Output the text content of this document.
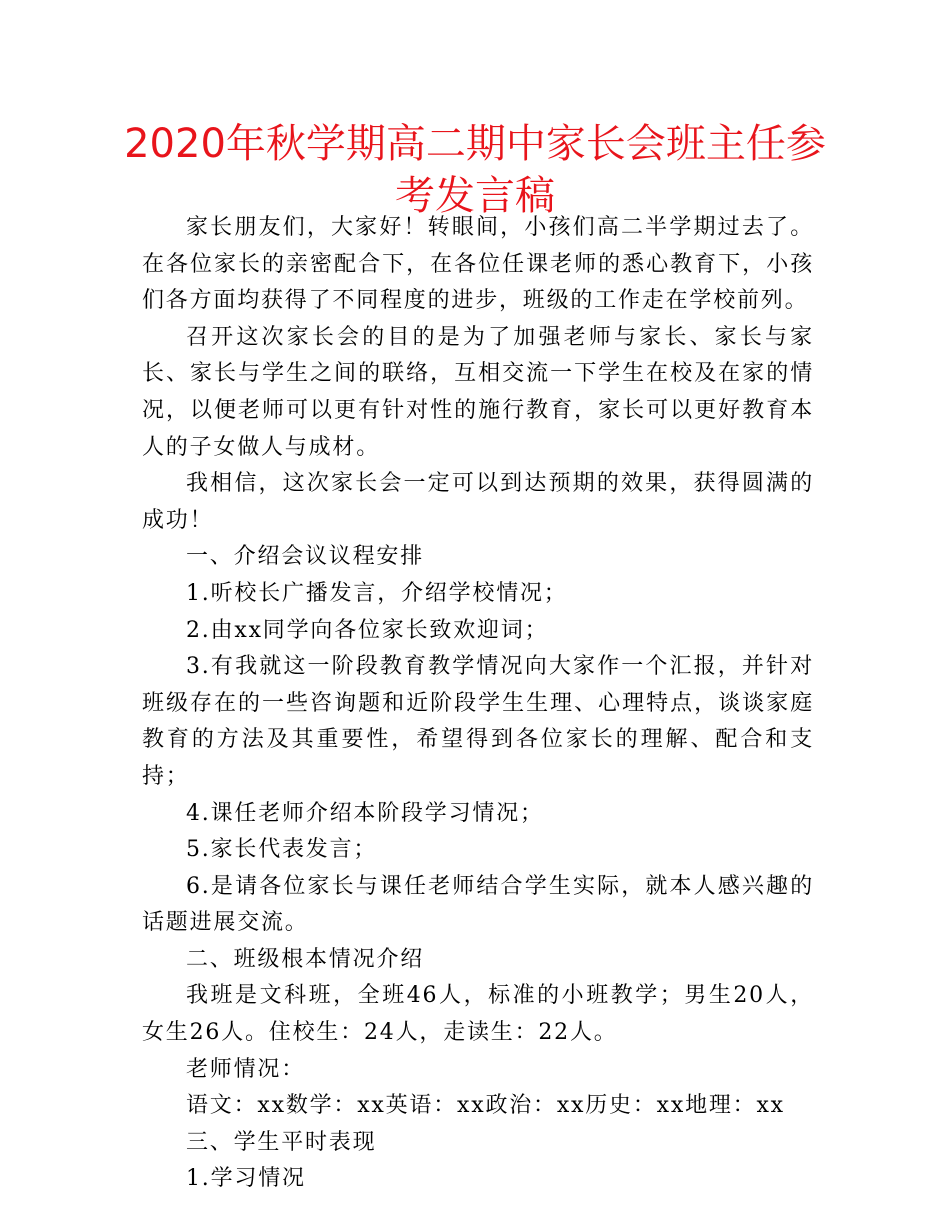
2020年秋学期高二期中家长会班主任参考发言稿

家长朋友们，大家好！转眼间，小孩们高二半学期过去了。在各位家长的亲密配合下，在各位任课老师的悉心教育下，小孩们各方面均获得了不同程度的进步，班级的工作走在学校前列。

召开这次家长会的目的是为了加强老师与家长、家长与家长、家长与学生之间的联络，互相交流一下学生在校及在家的情况，以便老师可以更有针对性的施行教育，家长可以更好教育本人的子女做人与成材。

我相信，这次家长会一定可以到达预期的效果，获得圆满的成功！

一、介绍会议议程安排

1.听校长广播发言，介绍学校情况；

2.由xx同学向各位家长致欢迎词；

3.有我就这一阶段教育教学情况向大家作一个汇报，并针对班级存在的一些咨询题和近阶段学生生理、心理特点，谈谈家庭教育的方法及其重要性，希望得到各位家长的理解、配合和支持；

4.课任老师介绍本阶段学习情况；

5.家长代表发言；

6.是请各位家长与课任老师结合学生实际，就本人感兴趣的话题进展交流。

二、班级根本情况介绍

我班是文科班，全班46人，标准的小班教学；男生20人，女生26人。住校生：24人，走读生：22人。

老师情况：

语文：xx数学：xx英语：xx政治：xx历史：xx地理：xx

三、学生平时表现

1.学习情况
